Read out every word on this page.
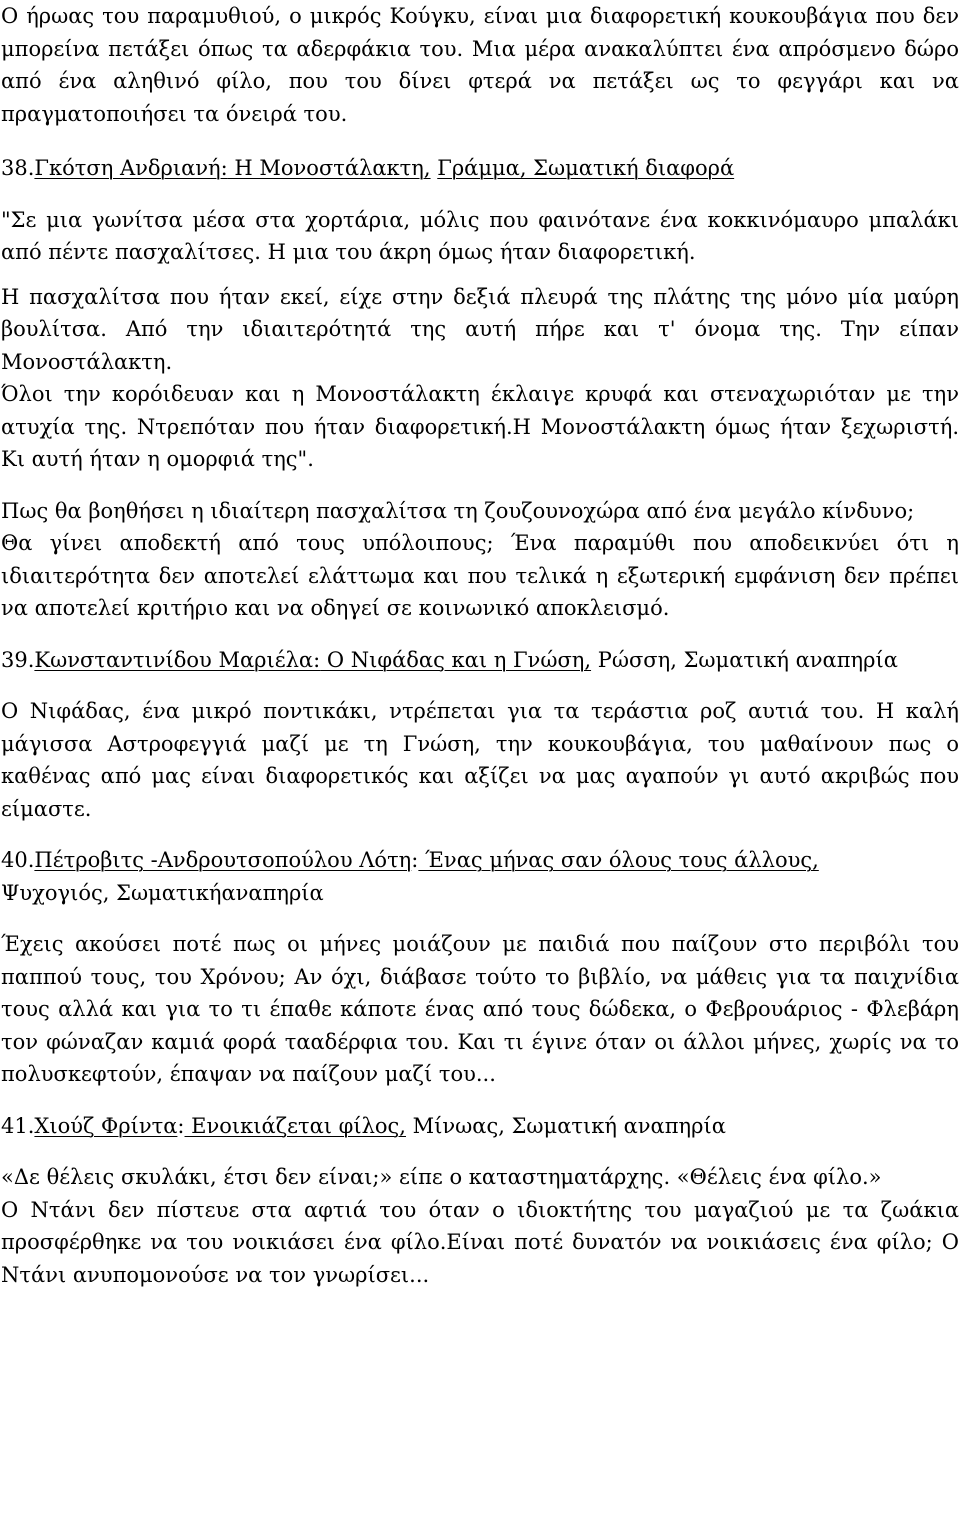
Ο ήρωας του παραμυθιού, ο μικρός Κούγκυ, είναι μια διαφορετική κουκουβάγια που δεν μπορείνα πετάξει όπως τα αδερφάκια του. Μια μέρα ανακαλύπτει ένα απρόσμενο δώρο από ένα αληθινό φίλο, που του δίνει φτερά να πετάξει ως το φεγγάρι και να πραγματοποιήσει τα όνειρά του.

38.Γκότση Ανδριανή: Η Μονοστάλακτη, Γράμμα, Σωματική διαφορά

"Σε μια γωνίτσα μέσα στα χορτάρια, μόλις που φαινότανε ένα κοκκινόμαυρο μπαλάκι από πέντε πασχαλίτσες. Η μια του άκρη όμως ήταν διαφορετική.

Η πασχαλίτσα που ήταν εκεί, είχε στην δεξιά πλευρά της πλάτης της μόνο μία μαύρη βουλίτσα. Από την ιδιαιτερότητά της αυτή πήρε και τ' όνομα της. Την είπαν Μονοστάλακτη.

Όλοι την κορόιδευαν και η Μονοστάλακτη έκλαιγε κρυφά και στεναχωριόταν με την ατυχία της. Ντρεπόταν που ήταν διαφορετική.Η Μονοστάλακτη όμως ήταν ξεχωριστή. Κι αυτή ήταν η ομορφιά της".

Πως θα βοηθήσει η ιδιαίτερη πασχαλίτσα τη ζουζουνοχώρα από ένα μεγάλο κίνδυνο;

Θα γίνει αποδεκτή από τους υπόλοιπους; Ένα παραμύθι που αποδεικνύει ότι η ιδιαιτερότητα δεν αποτελεί ελάττωμα και που τελικά η εξωτερική εμφάνιση δεν πρέπει να αποτελεί κριτήριο και να οδηγεί σε κοινωνικό αποκλεισμό.

39.Κωνσταντινίδου Μαριέλα: Ο Νιφάδας και η Γνώση, Ρώσση, Σωματική αναπηρία

Ο Νιφάδας, ένα μικρό ποντικάκι, ντρέπεται για τα τεράστια ροζ αυτιά του. Η καλή μάγισσα Αστροφεγγιά μαζί με τη Γνώση, την κουκουβάγια, του μαθαίνουν πως ο καθένας από μας είναι διαφορετικός και αξίζει να μας αγαπούν γι αυτό ακριβώς που είμαστε.

40.Πέτροβιτς -Ανδρουτσοπούλου Λότη: Ένας μήνας σαν όλους τους άλλους,
Ψυχογιός, Σωματικήαναπηρία

Έχεις ακούσει ποτέ πως οι μήνες μοιάζουν με παιδιά που παίζουν στο περιβόλι του παππού τους, του Χρόνου; Αν όχι, διάβασε τούτο το βιβλίο, να μάθεις για τα παιχνίδια τους αλλά και για το τι έπαθε κάποτε ένας από τους δώδεκα, ο Φεβρουάριος - Φλεβάρη τον φώναζαν καμιά φορά τααδέρφια του. Και τι έγινε όταν οι άλλοι μήνες, χωρίς να το πολυσκεφτούν, έπαψαν να παίζουν μαζί του...

41.Χιούζ Φρίντα: Ενοικιάζεται φίλος, Μίνωας, Σωματική αναπηρία

«Δε θέλεις σκυλάκι, έτσι δεν είναι;» είπε ο καταστηματάρχης. «Θέλεις ένα φίλο.»

Ο Ντάνι δεν πίστευε στα αφτιά του όταν ο ιδιοκτήτης του μαγαζιού με τα ζωάκια προσφέρθηκε να του νοικιάσει ένα φίλο.Είναι ποτέ δυνατόν να νοικιάσεις ένα φίλο; Ο Ντάνι ανυπομονούσε να τον γνωρίσει...
